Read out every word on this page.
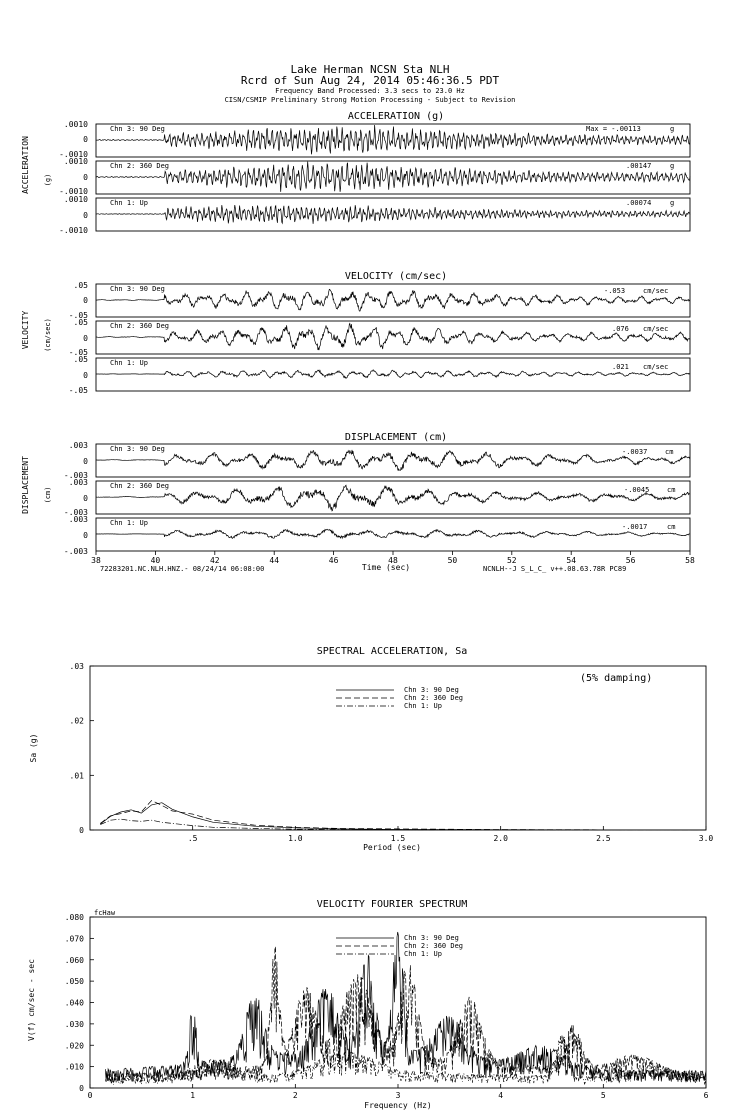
Lake Herman NCSN Sta NLH
Rcrd of Sun Aug 24, 2014 05:46:36.5 PDT
Frequency Band Processed: 3.3 secs to 23.0 Hz
CISN/CSMIP Preliminary Strong Motion Processing - Subject to Revision
ACCELERATION (g)
VELOCITY (cm/sec)
DISPLACEMENT (cm)
ACCELERATION (g)
VELOCITY (cm/sec)
DISPLACEMENT (cm)
Chn 3: 90 Deg	Max = -.00113	g
.0010
0
Chn 2: 360 Deg	.00147	g
-.0010
.0010
0
Chn 1: Up	.00074	g
-.0010
.0010
0
-.0010
Chn 3: 90 Deg	-.053	cm/sec
.05
0
Chn 2: 360 Deg	.076 cm/sec
-.05
.05
0
Chn 1: Up	.021 cm/sec
-.05
.05
0
-.05
Chn 3: 90 Deg	-.0037	cm
.003
0
Chn 2: 360 Deg	-.0045	cm
-.003
.003
0
Chn 1: Up	-.0017	cm
-.003
.003
0
-.003
38	40	42	44	46	48	50	52	54	56	58
Time (sec)
72283201.NC.NLH.HNZ.- 08/24/14 06:08:00	NCNLH--J S_L_C_ v++.08.63.78R PC89
SPECTRAL ACCELERATION, Sa
Sa (g)
Period (sec)
(5% damping)
.5	1.0	1.5	2.0	2.5	3.0
.03
.02
.01
0
Chn 3: 90 Deg
Chn 2: 360 Deg
Chn 1: Up
VELOCITY FOURIER SPECTRUM
fcHaw
V(f) cm/sec - sec
Frequency (Hz)
0	1	2	3	4	5	6
.080
.070
.060
.050
.040
.030
.020
.010
0
Chn 3: 90 Deg
Chn 2: 360 Deg
Chn 1: Up
